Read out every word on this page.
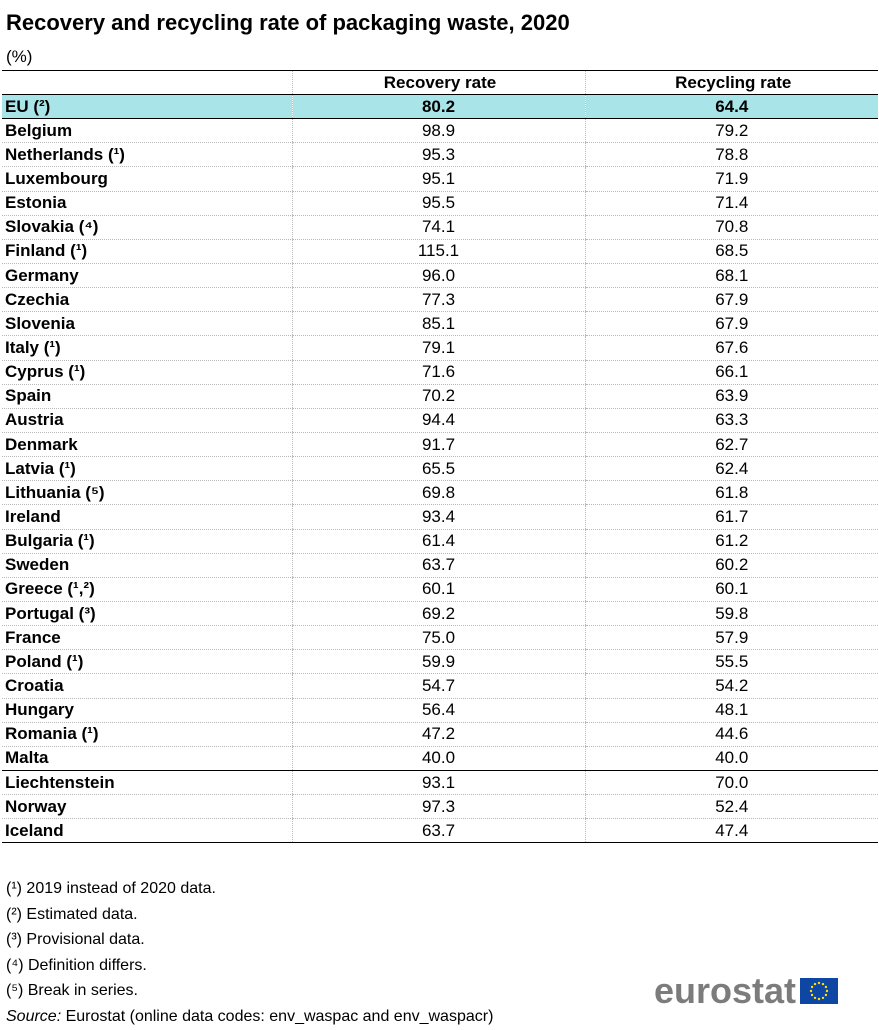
Recovery and recycling rate of packaging waste, 2020
(%)
	Recovery rate	Recycling rate
EU (²)	80.2	64.4
Belgium	98.9	79.2
Netherlands (¹)	95.3	78.8
Luxembourg	95.1	71.9
Estonia	95.5	71.4
Slovakia (⁴)	74.1	70.8
Finland (¹)	115.1	68.5
Germany	96.0	68.1
Czechia	77.3	67.9
Slovenia	85.1	67.9
Italy (¹)	79.1	67.6
Cyprus (¹)	71.6	66.1
Spain	70.2	63.9
Austria	94.4	63.3
Denmark	91.7	62.7
Latvia (¹)	65.5	62.4
Lithuania (⁵)	69.8	61.8
Ireland	93.4	61.7
Bulgaria (¹)	61.4	61.2
Sweden	63.7	60.2
Greece (¹,²)	60.1	60.1
Portugal (³)	69.2	59.8
France	75.0	57.9
Poland (¹)	59.9	55.5
Croatia	54.7	54.2
Hungary	56.4	48.1
Romania (¹)	47.2	44.6
Malta	40.0	40.0
Liechtenstein	93.1	70.0
Norway	97.3	52.4
Iceland	63.7	47.4
(¹) 2019 instead of 2020 data.
(²) Estimated data.
(³) Provisional data.
(⁴) Definition differs.
(⁵) Break in series.
Source: Eurostat (online data codes: env_waspac and env_waspacr)
eurostat
